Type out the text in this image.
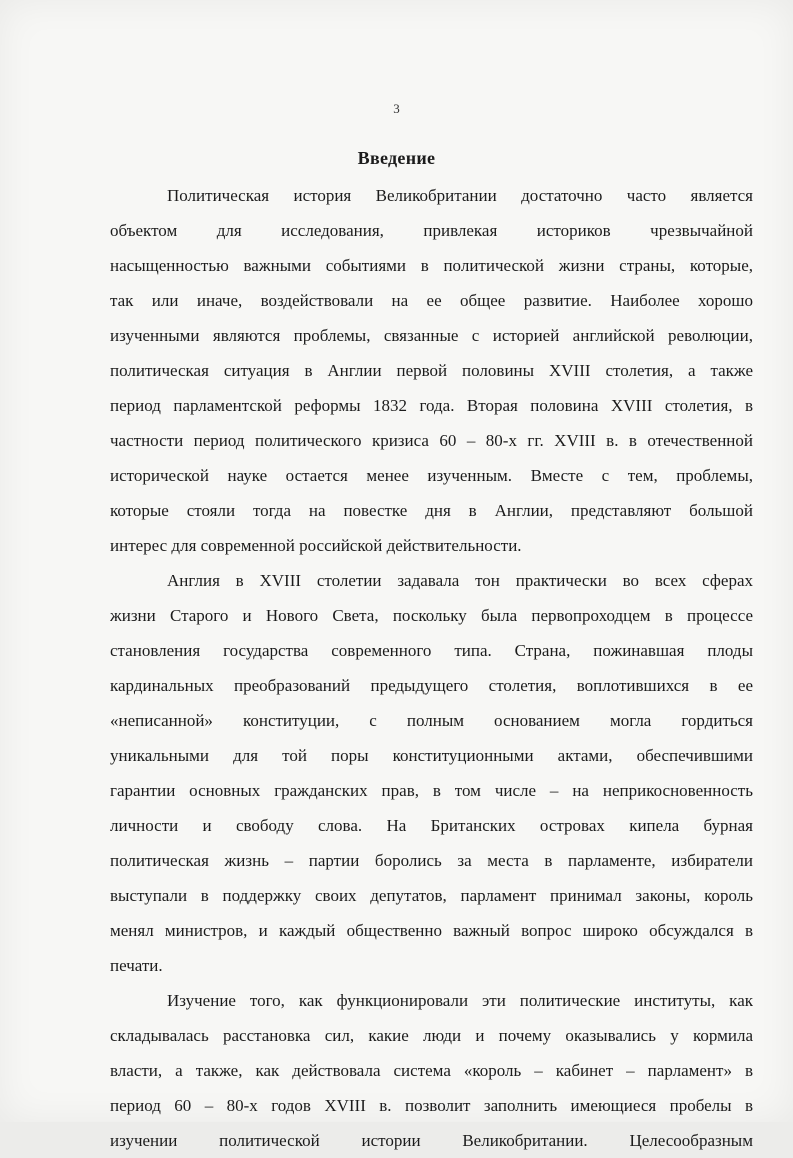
3
Введение
Политическая история Великобритании достаточно часто является
объектом для исследования, привлекая историков чрезвычайной
насыщенностью важными событиями в политической жизни страны, которые,
так или иначе, воздействовали на ее общее развитие. Наиболее хорошо
изученными являются проблемы, связанные с историей английской революции,
политическая ситуация в Англии первой половины XVIII столетия, а также
период парламентской реформы 1832 года. Вторая половина XVIII столетия, в
частности период политического кризиса 60 – 80-х гг. XVIII в. в отечественной
исторической науке остается менее изученным. Вместе с тем, проблемы,
которые стояли тогда на повестке дня в Англии, представляют большой
интерес для современной российской действительности.
Англия в XVIII столетии задавала тон практически во всех сферах
жизни Старого и Нового Света, поскольку была первопроходцем в процессе
становления государства современного типа. Страна, пожинавшая плоды
кардинальных преобразований предыдущего столетия, воплотившихся в ее
«неписанной» конституции, с полным основанием могла гордиться
уникальными для той поры конституционными актами, обеспечившими
гарантии основных гражданских прав, в том числе – на неприкосновенность
личности и свободу слова. На Британских островах кипела бурная
политическая жизнь – партии боролись за места в парламенте, избиратели
выступали в поддержку своих депутатов, парламент принимал законы, король
менял министров, и каждый общественно важный вопрос широко обсуждался в
печати.
Изучение того, как функционировали эти политические институты, как
складывалась расстановка сил, какие люди и почему оказывались у кормила
власти, а также, как действовала система «король – кабинет – парламент» в
период 60 – 80-х годов XVIII в. позволит заполнить имеющиеся пробелы в
изучении политической истории Великобритании. Целесообразным
